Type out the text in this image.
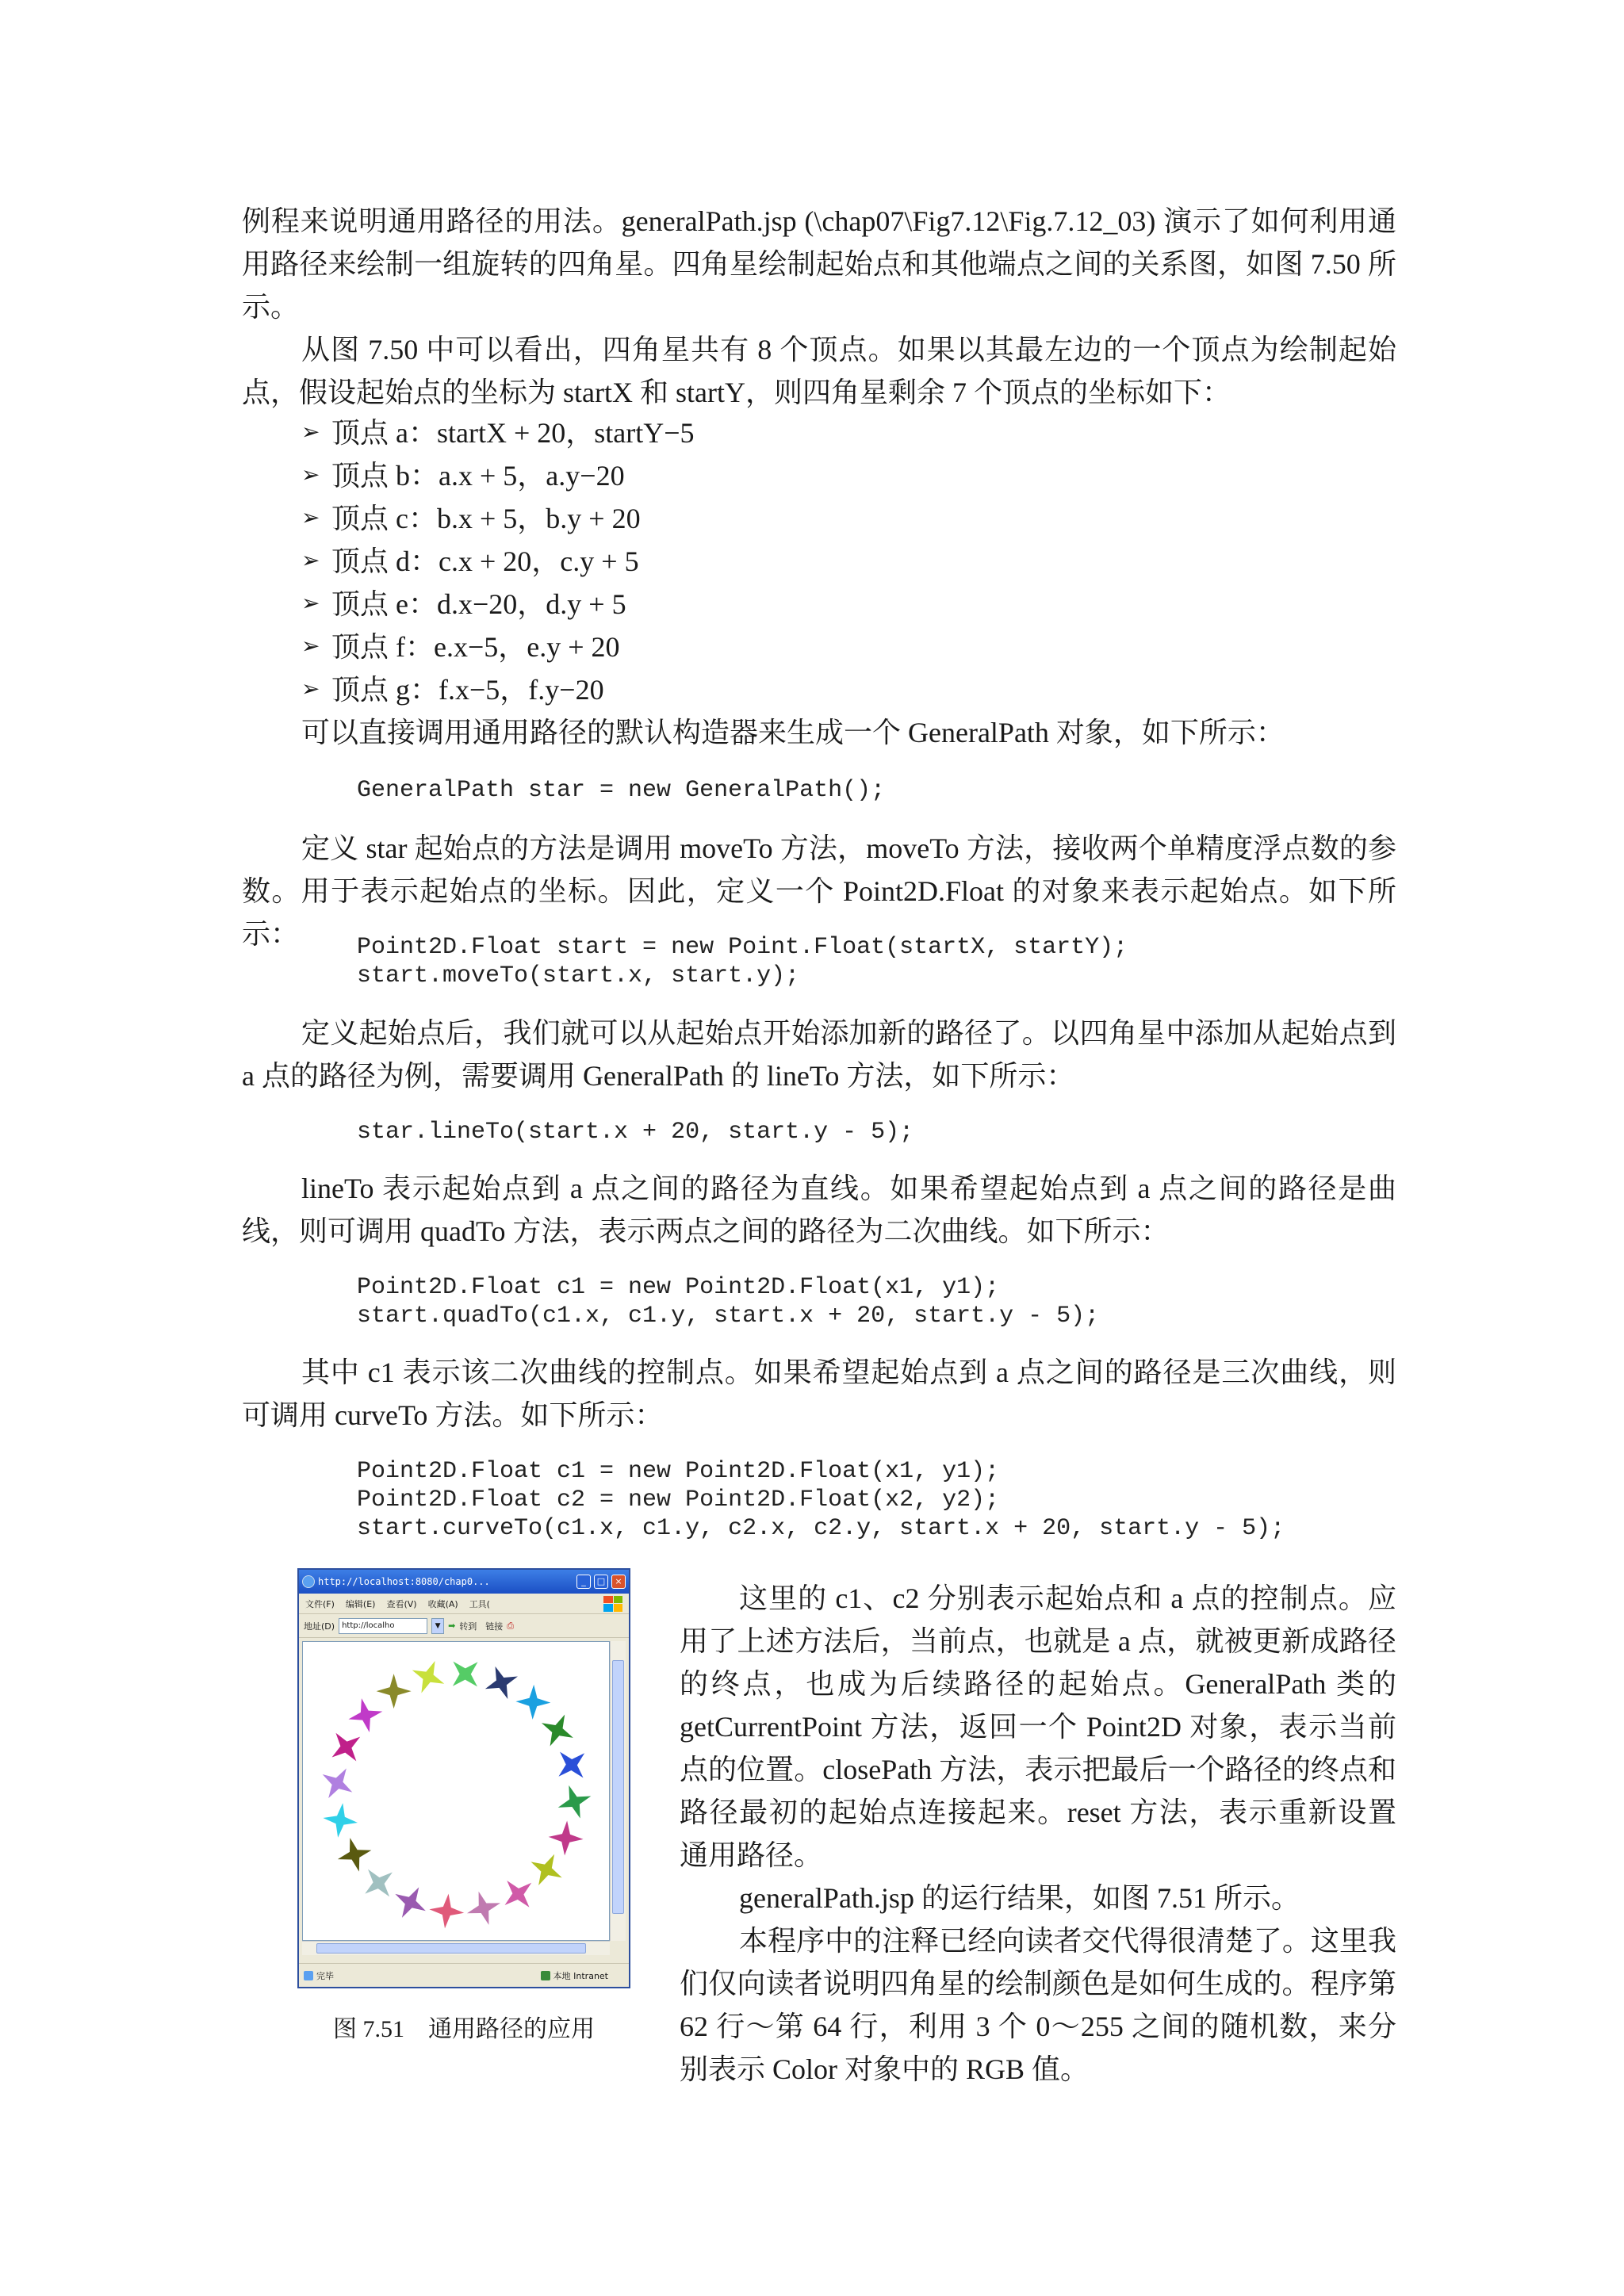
例程来说明通用路径的用法。generalPath.jsp (\chap07\Fig7.12\Fig.7.12_03) 演示了如何利用通用路径来绘制一组旋转的四角星。四角星绘制起始点和其他端点之间的关系图，如图 7.50 所示。

从图 7.50 中可以看出，四角星共有 8 个顶点。如果以其最左边的一个顶点为绘制起始点，假设起始点的坐标为 startX 和 startY，则四角星剩余 7 个顶点的坐标如下：

➢ 顶点 a：startX + 20，startY−5
➢ 顶点 b：a.x + 5，a.y−20
➢ 顶点 c：b.x + 5，b.y + 20
➢ 顶点 d：c.x + 20，c.y + 5
➢ 顶点 e：d.x−20，d.y + 5
➢ 顶点 f：e.x−5，e.y + 20
➢ 顶点 g：f.x−5，f.y−20

可以直接调用通用路径的默认构造器来生成一个 GeneralPath 对象，如下所示：

GeneralPath star = new GeneralPath();

定义 star 起始点的方法是调用 moveTo 方法，moveTo 方法，接收两个单精度浮点数的参数。用于表示起始点的坐标。因此，定义一个 Point2D.Float 的对象来表示起始点。如下所示：	Point2D.Float start = new Point.Float(startX, startY);
start.moveTo(start.x, start.y);

定义起始点后，我们就可以从起始点开始添加新的路径了。以四角星中添加从起始点到 a 点的路径为例，需要调用 GeneralPath 的 lineTo 方法，如下所示：

star.lineTo(start.x + 20, start.y - 5);

lineTo 表示起始点到 a 点之间的路径为直线。如果希望起始点到 a 点之间的路径是曲线，则可调用 quadTo 方法，表示两点之间的路径为二次曲线。如下所示：

Point2D.Float c1 = new Point2D.Float(x1, y1);
start.quadTo(c1.x, c1.y, start.x + 20, start.y - 5);

其中 c1 表示该二次曲线的控制点。如果希望起始点到 a 点之间的路径是三次曲线，则可调用 curveTo 方法。如下所示：

Point2D.Float c1 = new Point2D.Float(x1, y1);
Point2D.Float c2 = new Point2D.Float(x2, y2);
start.curveTo(c1.x, c1.y, c2.x, c2.y, start.x + 20, start.y - 5);
http://localhost:8080/chap0...	_	□	×
文件(F) 编辑(E) 查看(V) 收藏(A) 工具(
地址(D) http://localho	▼ ➡ 转到 链接 ⎙
完毕	本地 Intranet
图 7.51　通用路径的应用

这里的 c1、c2 分别表示起始点和 a 点的控制点。应用了上述方法后，当前点，也就是 a 点，就被更新成路径的终点，也成为后续路径的起始点。GeneralPath 类的 getCurrentPoint 方法，返回一个 Point2D 对象，表示当前点的位置。closePath 方法，表示把最后一个路径的终点和路径最初的起始点连接起来。reset 方法，表示重新设置通用路径。

generalPath.jsp 的运行结果，如图 7.51 所示。

本程序中的注释已经向读者交代得很清楚了。这里我们仅向读者说明四角星的绘制颜色是如何生成的。程序第 62 行～第 64 行，利用 3 个 0～255 之间的随机数，来分别表示 Color 对象中的 RGB 值。
